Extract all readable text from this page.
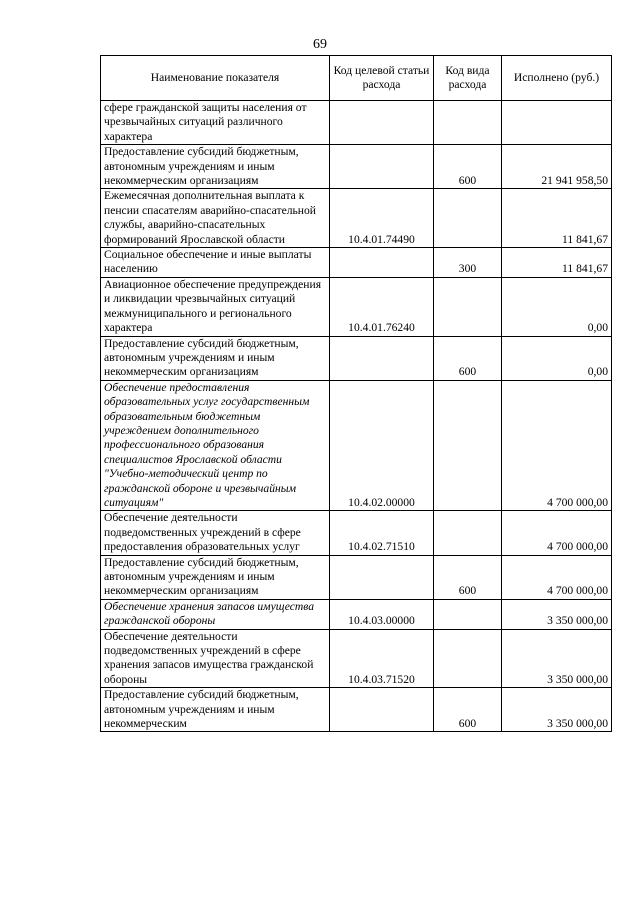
69
Наименование показателя	Код целевой статьи расхода	Код вида расхода	Исполнено (руб.)
сфере гражданской защиты населения от чрезвычайных ситуаций различного характера			
Предоставление субсидий бюджетным, автономным учреждениям и иным некоммерческим организациям		600	21 941 958,50
Ежемесячная дополнительная выплата к пенсии спасателям аварийно-спасательной службы, аварийно-спасательных формирований Ярославской области	10.4.01.74490		11 841,67
Социальное обеспечение и иные выплаты населению		300	11 841,67
Авиационное обеспечение предупреждения и ликвидации чрезвычайных ситуаций межмуниципального и регионального характера	10.4.01.76240		0,00
Предоставление субсидий бюджетным, автономным учреждениям и иным некоммерческим организациям		600	0,00
Обеспечение предоставления образовательных услуг государственным образовательным бюджетным учреждением дополнительного профессионального образования специалистов Ярославской области "Учебно-методический центр по гражданской обороне и чрезвычайным ситуациям"	10.4.02.00000		4 700 000,00
Обеспечение деятельности подведомственных учреждений в сфере предоставления образовательных услуг	10.4.02.71510		4 700 000,00
Предоставление субсидий бюджетным, автономным учреждениям и иным некоммерческим организациям		600	4 700 000,00
Обеспечение хранения запасов имущества гражданской обороны	10.4.03.00000		3 350 000,00
Обеспечение деятельности подведомственных учреждений в сфере хранения запасов имущества гражданской обороны	10.4.03.71520		3 350 000,00
Предоставление субсидий бюджетным, автономным учреждениям и иным некоммерческим		600	3 350 000,00
